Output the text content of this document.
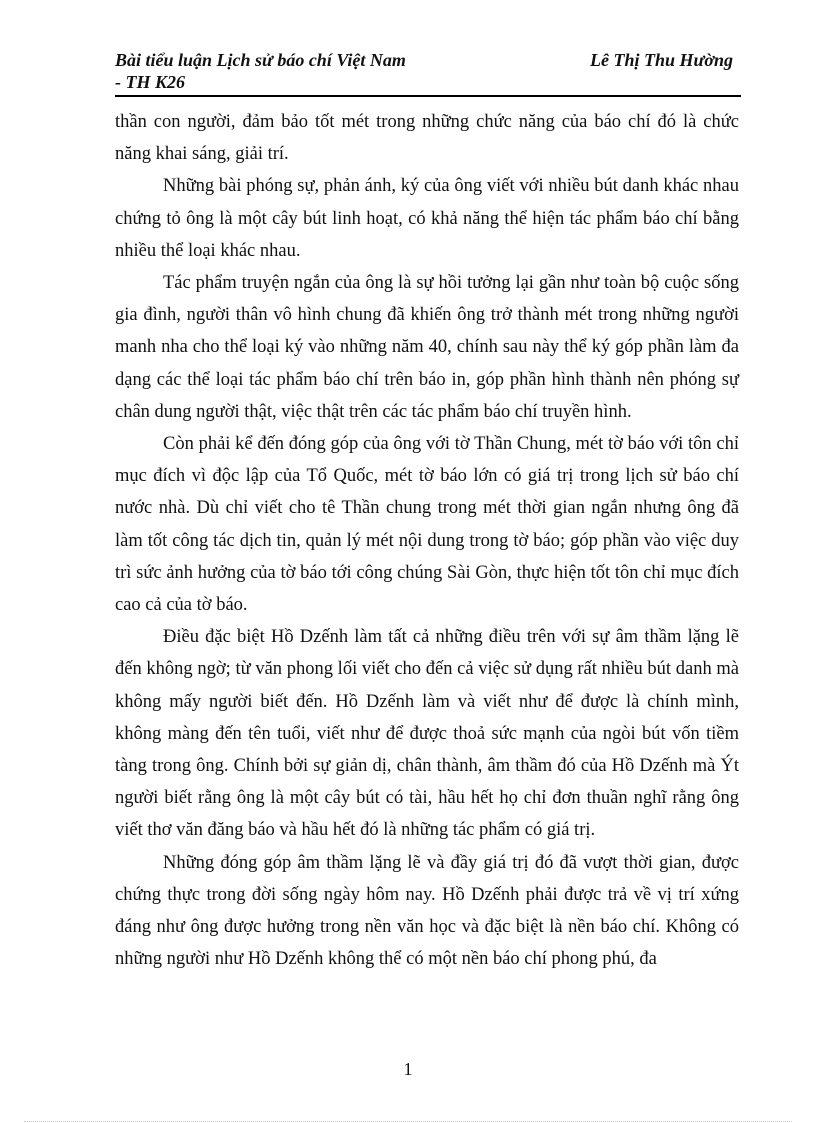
Bài tiểu luận Lịch sử báo chí Việt Nam
- TH K26
Lê Thị Thu Hường

thần con người, đảm bảo tốt mét trong những chức năng của báo chí đó là chức năng khai sáng, giải trí.

Những bài phóng sự, phản ánh, ký của ông viết với nhiều bút danh khác nhau chứng tỏ ông là một cây bút linh hoạt, có khả năng thể hiện tác phẩm báo chí bằng nhiều thể loại khác nhau.

Tác phẩm truyện ngắn của ông là sự hồi tưởng lại gần như toàn bộ cuộc sống gia đình, người thân vô hình chung đã khiến ông trở thành mét trong những người manh nha cho thể loại ký vào những năm 40, chính sau này thể ký góp phần làm đa dạng các thể loại tác phẩm báo chí trên báo in, góp phần hình thành nên phóng sự chân dung người thật, việc thật trên các tác phẩm báo chí truyền hình.

Còn phải kể đến đóng góp của ông với tờ Thần Chung, mét tờ báo với tôn chỉ mục đích vì độc lập của Tổ Quốc, mét tờ báo lớn có giá trị trong lịch sử báo chí nước nhà. Dù chỉ viết cho tê Thần chung trong mét thời gian ngắn nhưng ông đã làm tốt công tác dịch tin, quản lý mét nội dung trong tờ báo; góp phần vào việc duy trì sức ảnh hưởng của tờ báo tới công chúng Sài Gòn, thực hiện tốt tôn chỉ mục đích cao cả của tờ báo.

Điều đặc biệt Hồ Dzếnh làm tất cả những điều trên với sự âm thầm lặng lẽ đến không ngờ; từ văn phong lối viết cho đến cả việc sử dụng rất nhiều bút danh mà không mấy người biết đến. Hồ Dzếnh làm và viết như để được là chính mình, không màng đến tên tuổi, viết như để được thoả sức mạnh của ngòi bút vốn tiềm tàng trong ông. Chính bởi sự giản dị, chân thành, âm thầm đó của Hồ Dzếnh mà Ýt người biết rằng ông là một cây bút có tài, hầu hết họ chỉ đơn thuần nghĩ rằng ông viết thơ văn đăng báo và hầu hết đó là những tác phẩm có giá trị.

Những đóng góp âm thầm lặng lẽ và đầy giá trị đó đã vượt thời gian, được chứng thực trong đời sống ngày hôm nay. Hồ Dzếnh phải được trả về vị trí xứng đáng như ông được hưởng trong nền văn học và đặc biệt là nền báo chí. Không có những người như Hồ Dzếnh không thể có một nền báo chí phong phú, đa

1
